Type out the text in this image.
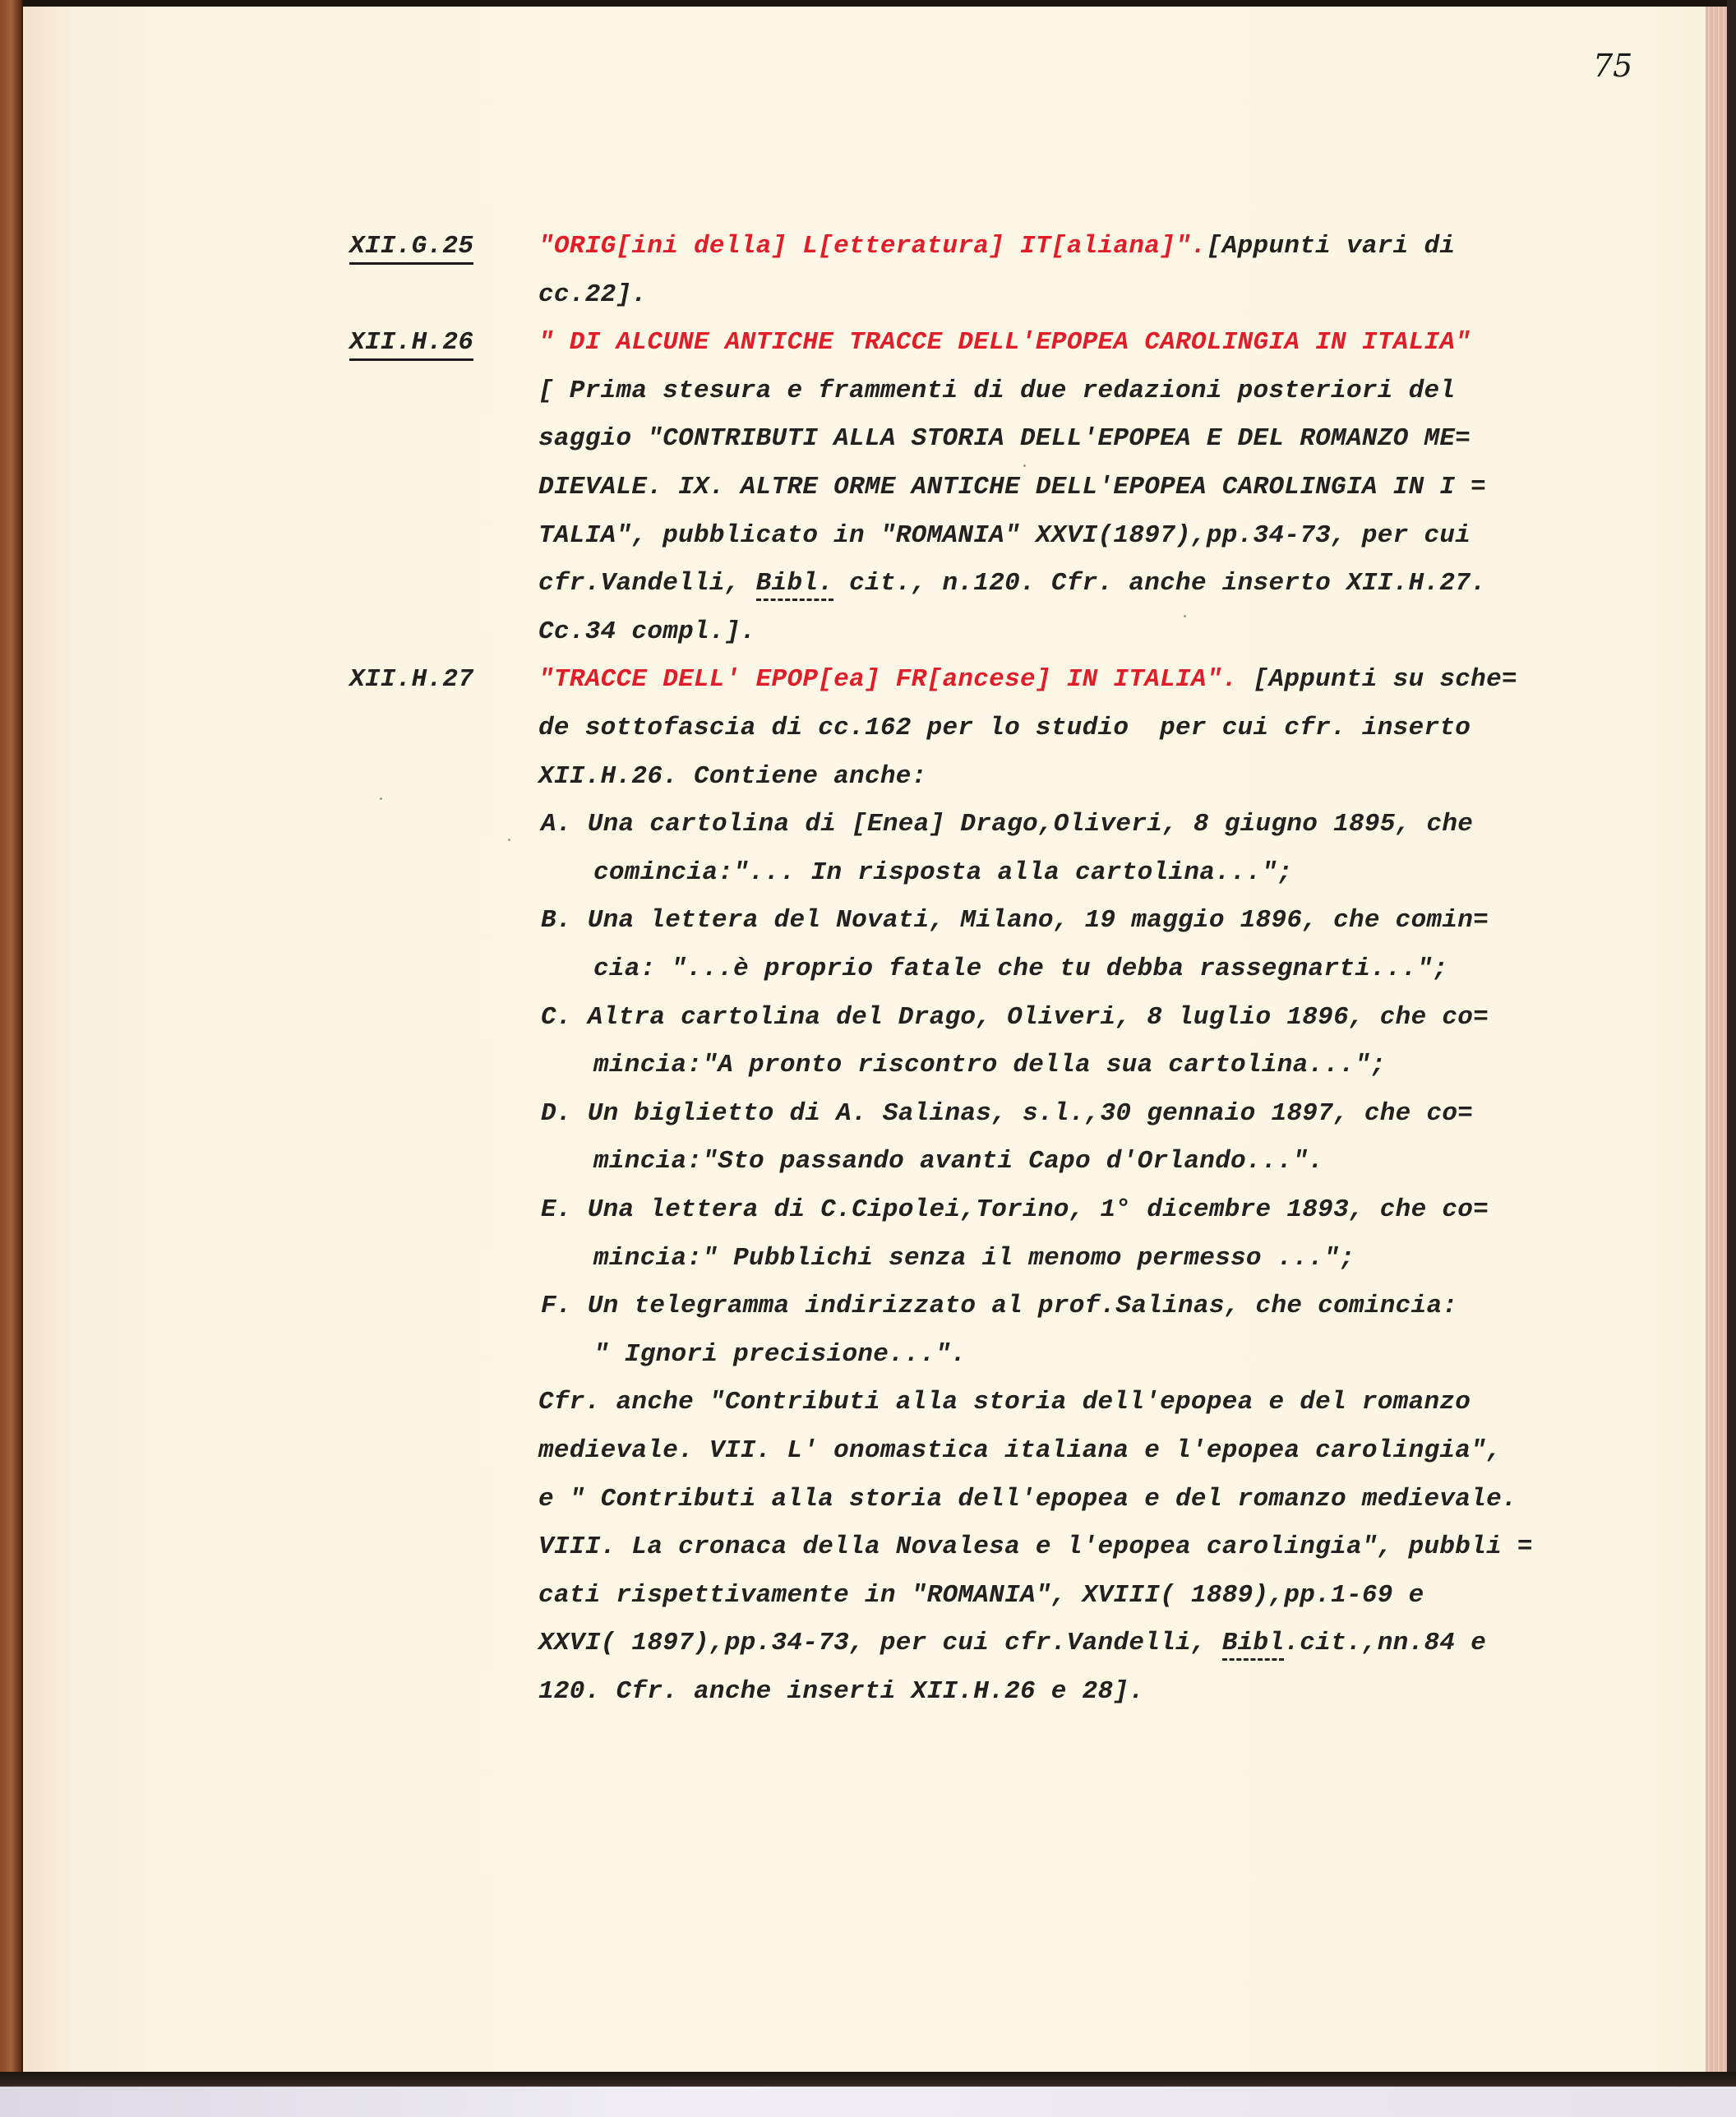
75
XII.G.25	"ORIG[ini della] L[etteratura] IT[aliana]".[Appunti vari di
cc.22].
XII.H.26	" DI ALCUNE ANTICHE TRACCE DELL'EPOPEA CAROLINGIA IN ITALIA"
[ Prima stesura e frammenti di due redazioni posteriori del
saggio "CONTRIBUTI ALLA STORIA DELL'EPOPEA E DEL ROMANZO ME=
DIEVALE. IX. ALTRE ORME ANTICHE DELL'EPOPEA CAROLINGIA IN I =
TALIA", pubblicato in "ROMANIA" XXVI(1897),pp.34-73, per cui
cfr.Vandelli, Bibl. cit., n.120. Cfr. anche inserto XII.H.27.
Cc.34 compl.].
XII.H.27	"TRACCE DELL' EPOP[ea] FR[ancese] IN ITALIA". [Appunti su sche=
de sottofascia di cc.162 per lo studio  per cui cfr. inserto
XII.H.26. Contiene anche:
A. Una cartolina di [Enea] Drago,Oliveri, 8 giugno 1895, che
comincia:"... In risposta alla cartolina...";
B. Una lettera del Novati, Milano, 19 maggio 1896, che comin=
cia: "...è proprio fatale che tu debba rassegnarti...";
C. Altra cartolina del Drago, Oliveri, 8 luglio 1896, che co=
mincia:"A pronto riscontro della sua cartolina...";
D. Un biglietto di A. Salinas, s.l.,30 gennaio 1897, che co=
mincia:"Sto passando avanti Capo d'Orlando...".
E. Una lettera di C.Cipolei,Torino, 1° dicembre 1893, che co=
mincia:" Pubblichi senza il menomo permesso ...";
F. Un telegramma indirizzato al prof.Salinas, che comincia:
" Ignori precisione...".
Cfr. anche "Contributi alla storia dell'epopea e del romanzo
medievale. VII. L' onomastica italiana e l'epopea carolingia",
e " Contributi alla storia dell'epopea e del romanzo medievale.
VIII. La cronaca della Novalesa e l'epopea carolingia", pubbli =
cati rispettivamente in "ROMANIA", XVIII( 1889),pp.1-69 e
XXVI( 1897),pp.34-73, per cui cfr.Vandelli, Bibl.cit.,nn.84 e
120. Cfr. anche inserti XII.H.26 e 28].
